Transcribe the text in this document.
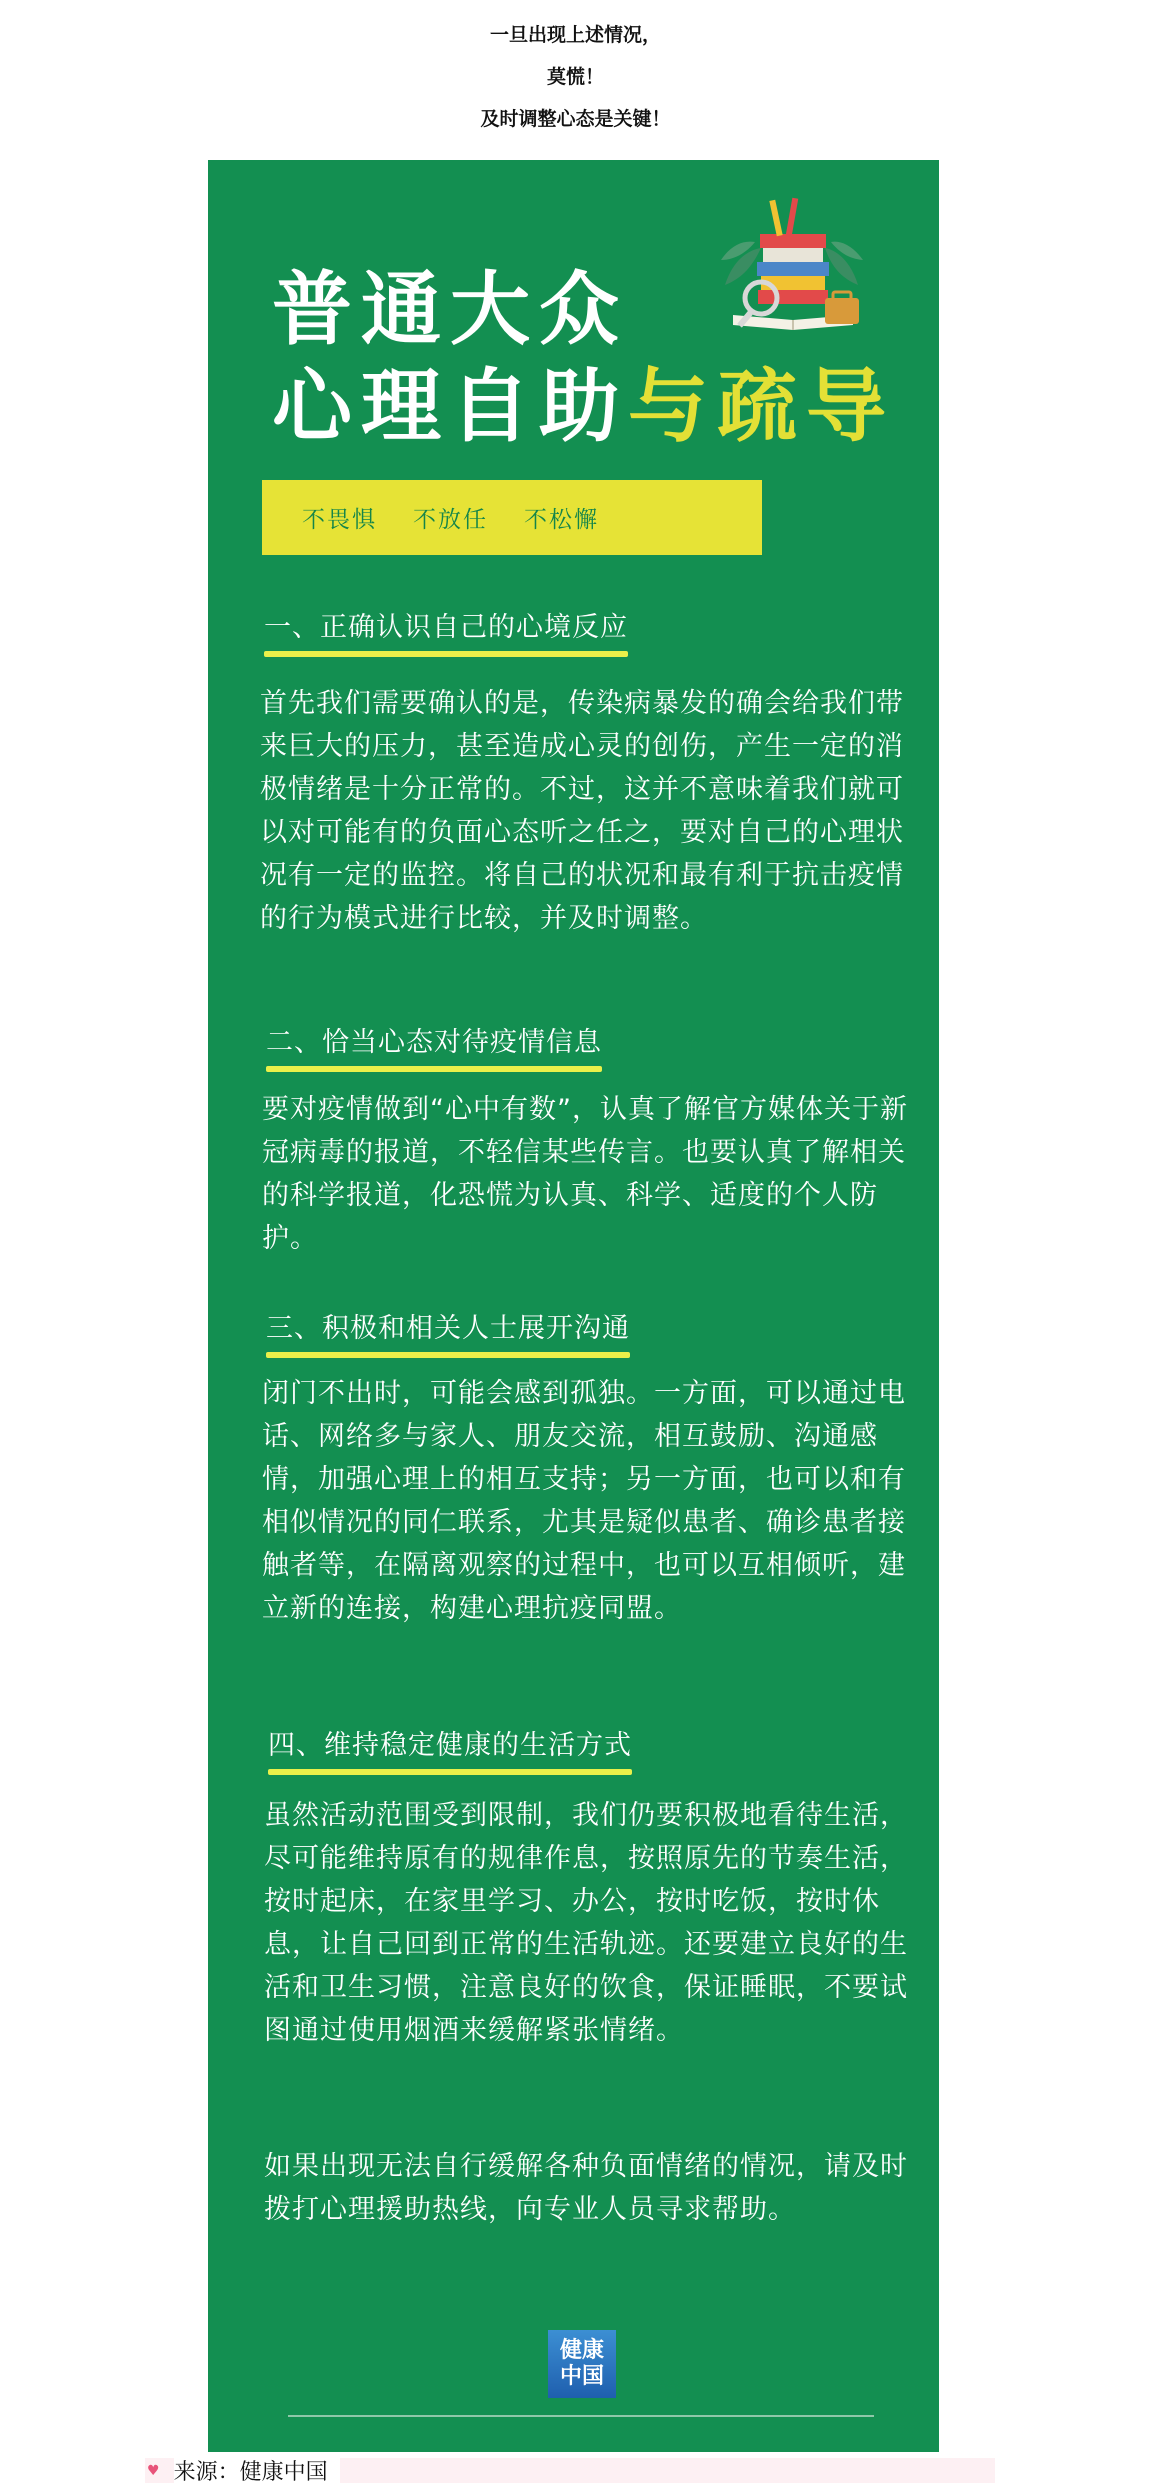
一旦出现上述情况，
莫慌！
及时调整心态是关键！
普通大众
心理自助与疏导
不畏惧 不放任 不松懈
一、正确认识自己的心境反应
首先我们需要确认的是，传染病暴发的确会给我们带来巨大的压力，甚至造成心灵的创伤，产生一定的消极情绪是十分正常的。不过，这并不意味着我们就可以对可能有的负面心态听之任之，要对自己的心理状况有一定的监控。将自己的状况和最有利于抗击疫情的行为模式进行比较，并及时调整。
二、恰当心态对待疫情信息
要对疫情做到“心中有数”，认真了解官方媒体关于新冠病毒的报道，不轻信某些传言。也要认真了解相关的科学报道，化恐慌为认真、科学、适度的个人防护。
三、积极和相关人士展开沟通
闭门不出时，可能会感到孤独。一方面，可以通过电话、网络多与家人、朋友交流，相互鼓励、沟通感情，加强心理上的相互支持；另一方面，也可以和有相似情况的同仁联系，尤其是疑似患者、确诊患者接触者等，在隔离观察的过程中，也可以互相倾听，建立新的连接，构建心理抗疫同盟。
四、维持稳定健康的生活方式
虽然活动范围受到限制，我们仍要积极地看待生活，尽可能维持原有的规律作息，按照原先的节奏生活，按时起床，在家里学习、办公，按时吃饭，按时休息，让自己回到正常的生活轨迹。还要建立良好的生活和卫生习惯，注意良好的饮食，保证睡眠，不要试图通过使用烟酒来缓解紧张情绪。
如果出现无法自行缓解各种负面情绪的情况，请及时拨打心理援助热线，向专业人员寻求帮助。
健康
中国
♥ 来源：健康中国
